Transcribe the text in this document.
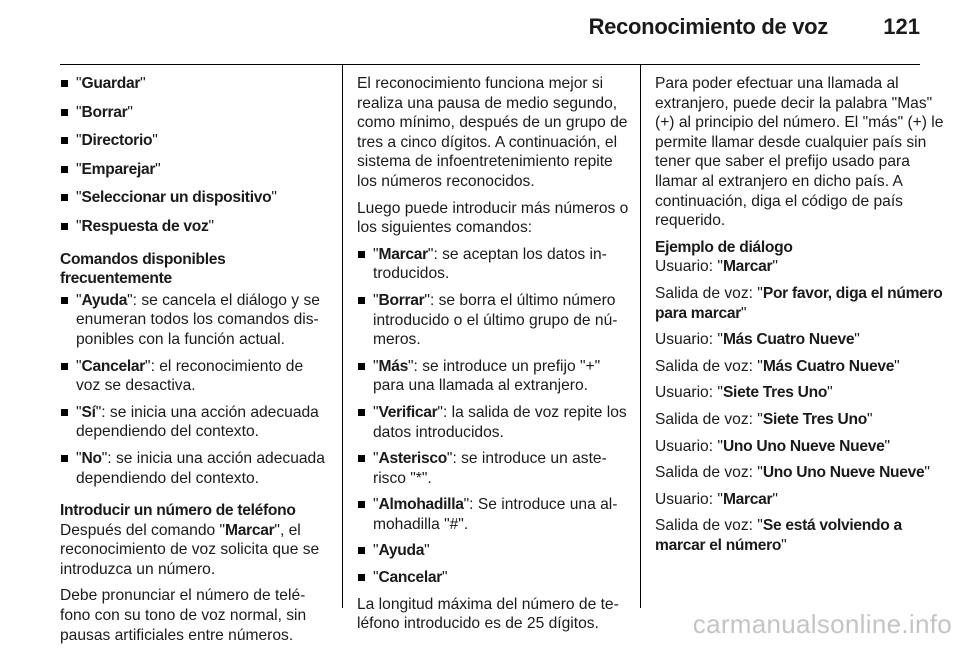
Reconocimiento de voz	121
"Guardar"
"Borrar"
"Directorio"
"Emparejar"
"Seleccionar un dispositivo"
"Respuesta de voz"
Comandos disponibles frecuentemente
"Ayuda": se cancela el diálogo y se enumeran todos los comandos disponibles con la función actual.
"Cancelar": el reconocimiento de voz se desactiva.
"Sí": se inicia una acción adecuada dependiendo del contexto.
"No": se inicia una acción adecuada dependiendo del contexto.
Introducir un número de teléfono

Después del comando "Marcar", el reconocimiento de voz solicita que se introduzca un número.

Debe pronunciar el número de teléfono con su tono de voz normal, sin pausas artificiales entre números.

El reconocimiento funciona mejor si realiza una pausa de medio segundo, como mínimo, después de un grupo de tres a cinco dígitos. A continuación, el sistema de infoentretenimiento repite los números reconocidos.

Luego puede introducir más números o los siguientes comandos:

"Marcar": se aceptan los datos introducidos.
"Borrar": se borra el último número introducido o el último grupo de números.
"Más": se introduce un prefijo "+" para una llamada al extranjero.
"Verificar": la salida de voz repite los datos introducidos.
"Asterisco": se introduce un asterisco "*".
"Almohadilla": Se introduce una almohadilla "#".
"Ayuda"
"Cancelar"

La longitud máxima del número de teléfono introducido es de 25 dígitos.

Para poder efectuar una llamada al extranjero, puede decir la palabra "Mas" (+) al principio del número. El "más" (+) le permite llamar desde cualquier país sin tener que saber el prefijo usado para llamar al extranjero en dicho país. A continuación, diga el código de país requerido.

Ejemplo de diálogo

Usuario: "Marcar"

Salida de voz: "Por favor, diga el número para marcar"

Usuario: "Más Cuatro Nueve"

Salida de voz: "Más Cuatro Nueve"

Usuario: "Siete Tres Uno"

Salida de voz: "Siete Tres Uno"

Usuario: "Uno Uno Nueve Nueve"

Salida de voz: "Uno Uno Nueve Nueve"

Usuario: "Marcar"

Salida de voz: "Se está volviendo a marcar el número"

carmanualsonline.info
